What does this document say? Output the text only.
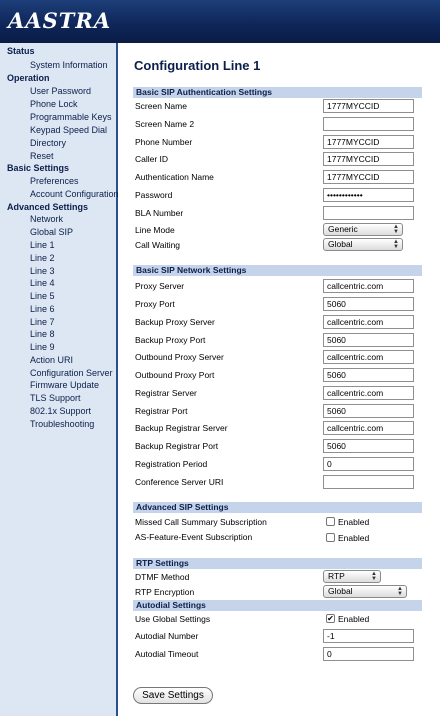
AASTRA
Status
System Information
Operation
User Password
Phone Lock
Programmable Keys
Keypad Speed Dial
Directory
Reset
Basic Settings
Preferences
Account Configuration
Advanced Settings
Network
Global SIP
Line 1
Line 2
Line 3
Line 4
Line 5
Line 6
Line 7
Line 8
Line 9
Action URI
Configuration Server
Firmware Update
TLS Support
802.1x Support
Troubleshooting
Configuration Line 1
Basic SIP Authentication Settings
Screen Name	1777MYCCID
Screen Name 2
Phone Number	1777MYCCID
Caller ID	1777MYCCID
Authentication Name	1777MYCCID
Password	••••••••••••
BLA Number
Line Mode	Generic	▲
▼
Call Waiting	Global	▲
▼
Basic SIP Network Settings
Proxy Server	callcentric.com
Proxy Port	5060
Backup Proxy Server	callcentric.com
Backup Proxy Port	5060
Outbound Proxy Server	callcentric.com
Outbound Proxy Port	5060
Registrar Server	callcentric.com
Registrar Port	5060
Backup Registrar Server	callcentric.com
Backup Registrar Port	5060
Registration Period	0
Conference Server URI
Advanced SIP Settings
Missed Call Summary Subscription	Enabled
AS-Feature-Event Subscription	Enabled
RTP Settings
DTMF Method	RTP	▲
▼
RTP Encryption	Global	▲
▼
Autodial Settings
Use Global Settings	✔ Enabled
Autodial Number	-1
Autodial Timeout	0
Save Settings
